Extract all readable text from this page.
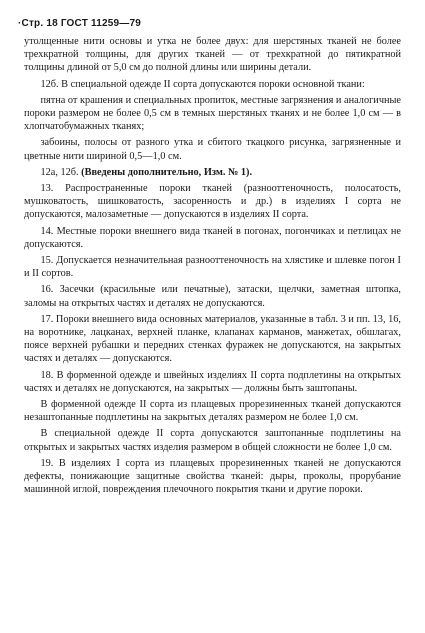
·Стр. 18 ГОСТ 11259—79

утолщенные нити основы и утка не более двух: для шерстяных тканей не более трехкратной толщины, для других тканей — от трехкратной до пятикратной толщины длиной от 5,0 см до полной длины или ширины детали.

12б. В специальной одежде II сорта допускаются пороки основной ткани:

пятна от крашения и специальных пропиток, местные загрязнения и аналогичные пороки размером не более 0,5 см в темных шерстяных тканях и не более 1,0 см — в хлопчатобумажных тканях;

забоины, полосы от разного утка и сбитого ткацкого рисунка, загрязненные и цветные нити шириной 0,5—1,0 см.

12а, 12б. (Введены дополнительно, Изм. № 1).

13. Распространенные пороки тканей (разнооттеночность, полосатость, мушковатость, шишковатость, засоренность и др.) в изделиях I сорта не допускаются, малозаметные — допускаются в изделиях II сорта.

14. Местные пороки внешнего вида тканей в погонах, погончиках и петлицах не допускаются.

15. Допускается незначительная разнооттеночность на хлястике и шлевке погон I и II сортов.

16. Засечки (красильные или печатные), затаски, щелчки, заметная штопка, заломы на открытых частях и деталях не допускаются.

17. Пороки внешнего вида основных материалов, указанные в табл. 3 и пп. 13, 16, на воротнике, лацканах, верхней планке, клапанах карманов, манжетах, обшлагах, поясе верхней рубашки и передних стенках фуражек не допускаются, на закрытых частях и деталях — допускаются.

18. В форменной одежде и швейных изделиях II сорта подплетины на открытых частях и деталях не допускаются, на закрытых — должны быть заштопаны.

В форменной одежде II сорта из плащевых прорезиненных тканей допускаются незаштопанные подплетины на закрытых деталях размером не более 1,0 см.

В специальной одежде II сорта допускаются заштопанные подплетины на открытых и закрытых частях изделия размером в общей сложности не более 1,0 см.

19. В изделиях I сорта из плащевых прорезиненных тканей не допускаются дефекты, понижающие защитные свойства тканей: дыры, проколы, прорубание машинной иглой, повреждения плечочного покрытия ткани и другие пороки.
